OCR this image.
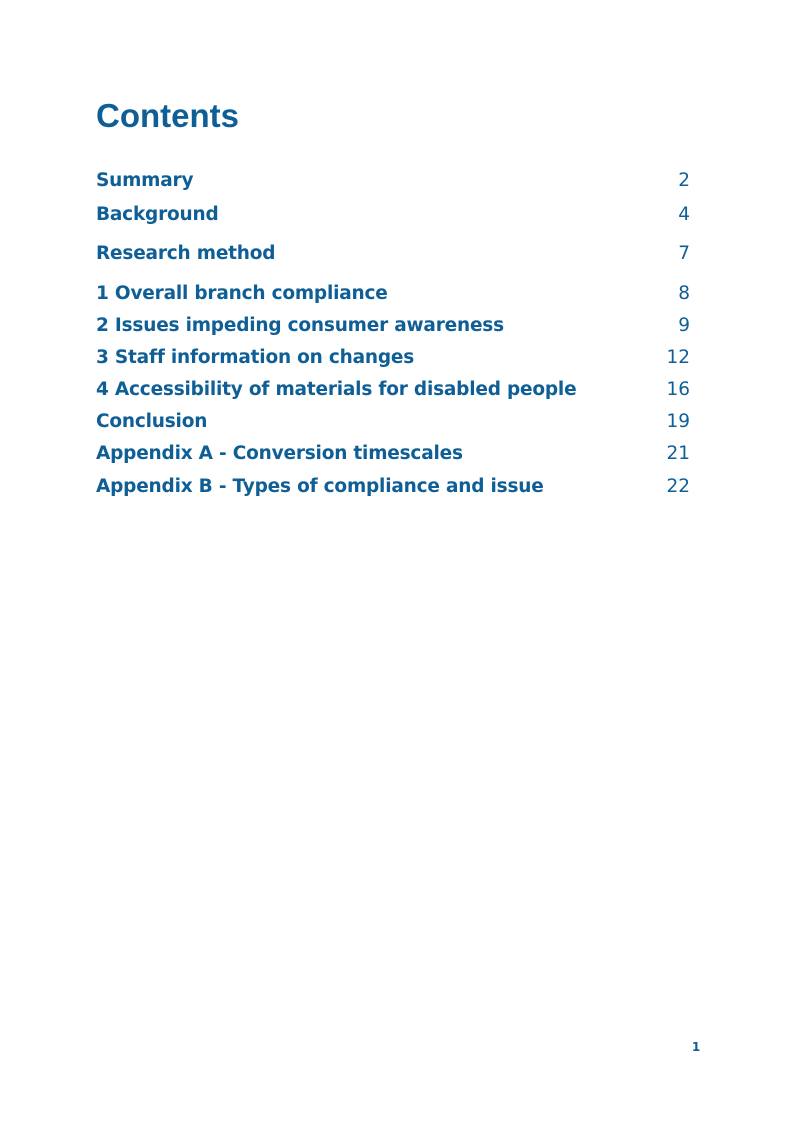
Contents
Summary	2
Background	4
Research method	7
1 Overall branch compliance	8
2 Issues impeding consumer awareness	9
3 Staff information on changes	12
4 Accessibility of materials for disabled people	16
Conclusion	19
Appendix A - Conversion timescales	21
Appendix B - Types of compliance and issue	22
1
